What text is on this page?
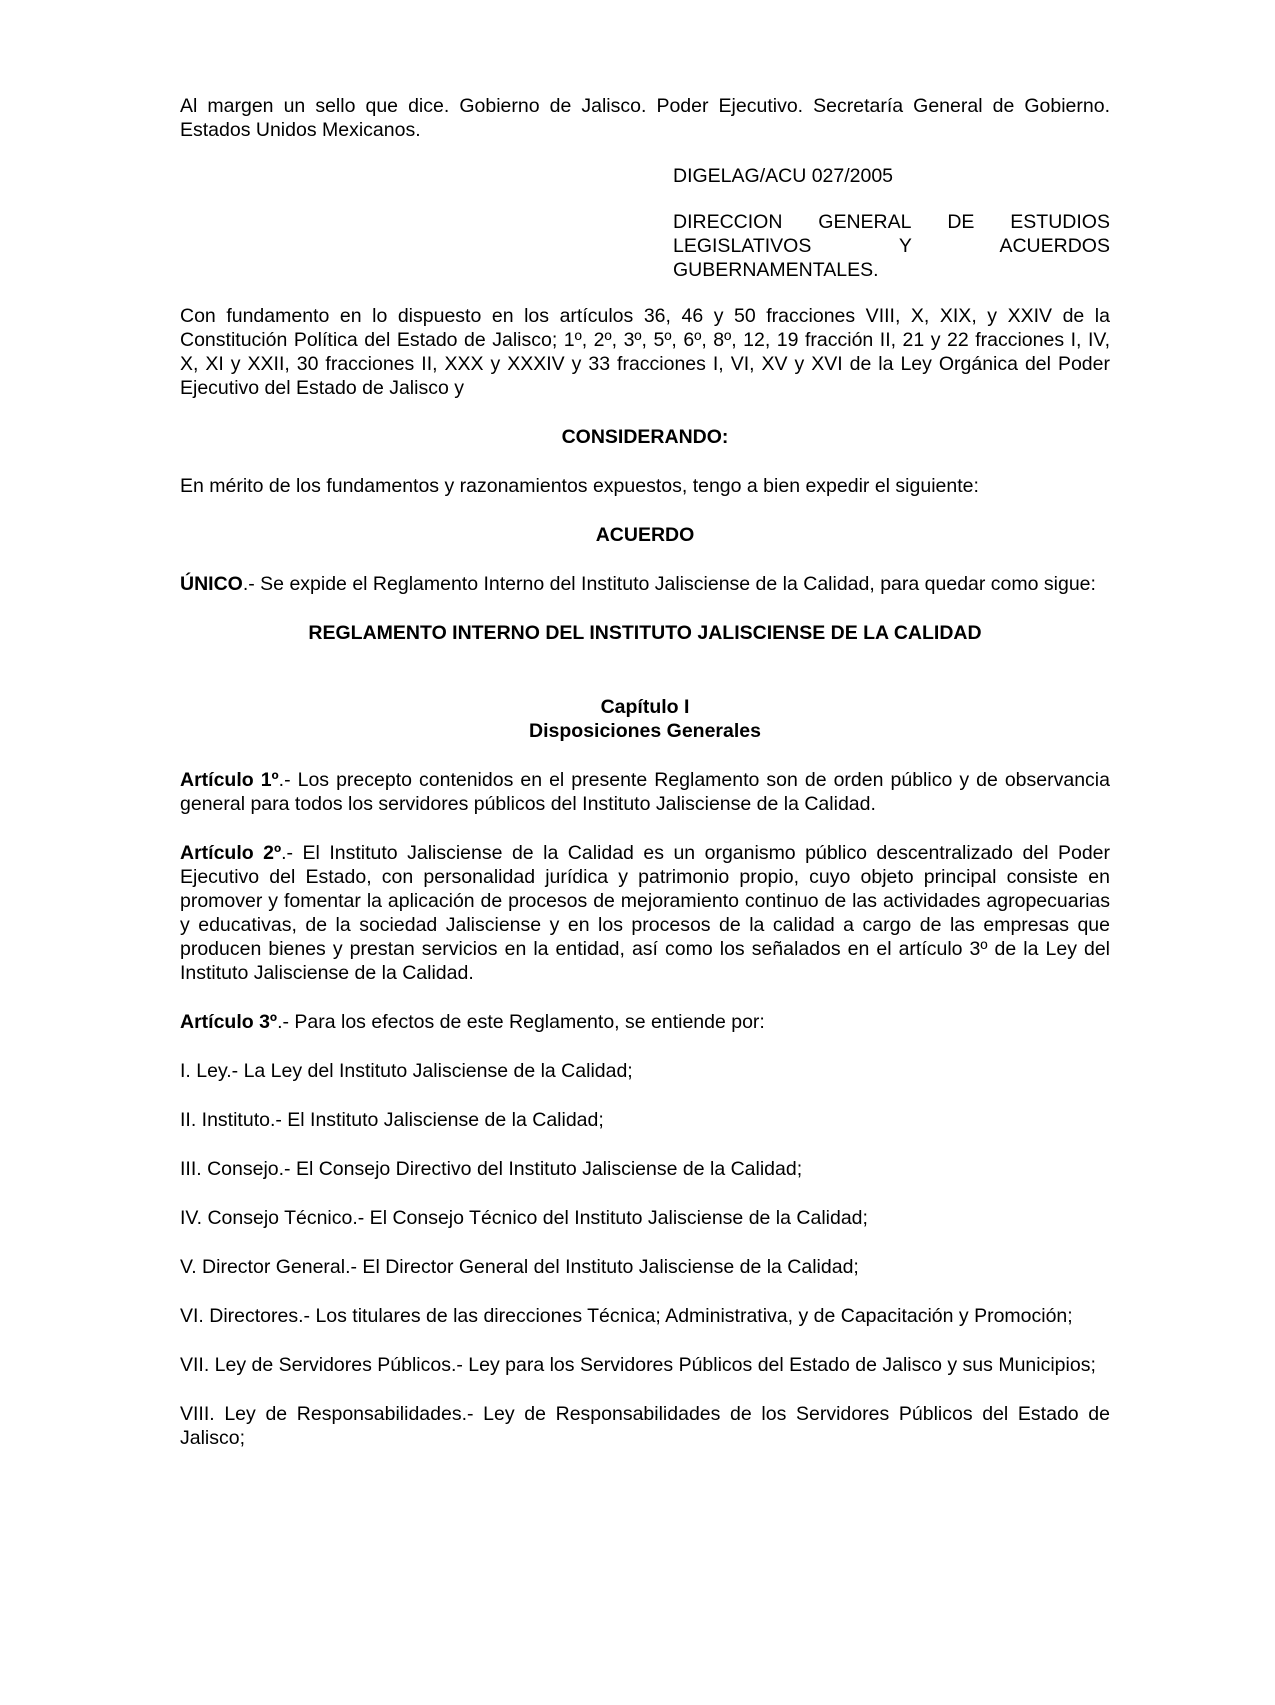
Al margen un sello que dice. Gobierno de Jalisco. Poder Ejecutivo. Secretaría General de Gobierno. Estados Unidos Mexicanos.

DIGELAG/ACU 027/2005

DIRECCION GENERAL DE ESTUDIOS
LEGISLATIVOS	Y	ACUERDOS

GUBERNAMENTALES.

Con fundamento en lo dispuesto en los artículos 36, 46 y 50 fracciones VIII, X, XIX, y XXIV de la Constitución Política del Estado de Jalisco; 1º, 2º, 3º, 5º, 6º, 8º, 12, 19 fracción II, 21 y 22 fracciones I, IV, X, XI y XXII, 30 fracciones II, XXX y XXXIV y 33 fracciones I, VI, XV y XVI de la Ley Orgánica del Poder Ejecutivo del Estado de Jalisco y

CONSIDERANDO:

En mérito de los fundamentos y razonamientos expuestos, tengo a bien expedir el siguiente:

ACUERDO

ÚNICO.- Se expide el Reglamento Interno del Instituto Jalisciense de la Calidad, para quedar como sigue:

REGLAMENTO INTERNO DEL INSTITUTO JALISCIENSE DE LA CALIDAD

Capítulo I

Disposiciones Generales

Artículo 1º.- Los precepto contenidos en el presente Reglamento son de orden público y de observancia general para todos los servidores públicos del Instituto Jalisciense de la Calidad.

Artículo 2º.- El Instituto Jalisciense de la Calidad es un organismo público descentralizado del Poder Ejecutivo del Estado, con personalidad jurídica y patrimonio propio, cuyo objeto principal consiste en promover y fomentar la aplicación de procesos de mejoramiento continuo de las actividades agropecuarias y educativas, de la sociedad Jalisciense y en los procesos de la calidad a cargo de las empresas que producen bienes y prestan servicios en la entidad, así como los señalados en el artículo 3º de la Ley del Instituto Jalisciense de la Calidad.

Artículo 3º.- Para los efectos de este Reglamento, se entiende por:

I. Ley.- La Ley del Instituto Jalisciense de la Calidad;

II. Instituto.- El Instituto Jalisciense de la Calidad;

III. Consejo.- El Consejo Directivo del Instituto Jalisciense de la Calidad;

IV. Consejo Técnico.- El Consejo Técnico del Instituto Jalisciense de la Calidad;

V. Director General.- El Director General del Instituto Jalisciense de la Calidad;

VI. Directores.- Los titulares de las direcciones Técnica; Administrativa, y de Capacitación y Promoción;

VII. Ley de Servidores Públicos.- Ley para los Servidores Públicos del Estado de Jalisco y sus Municipios;

VIII. Ley de Responsabilidades.- Ley de Responsabilidades de los Servidores Públicos del Estado de Jalisco;
